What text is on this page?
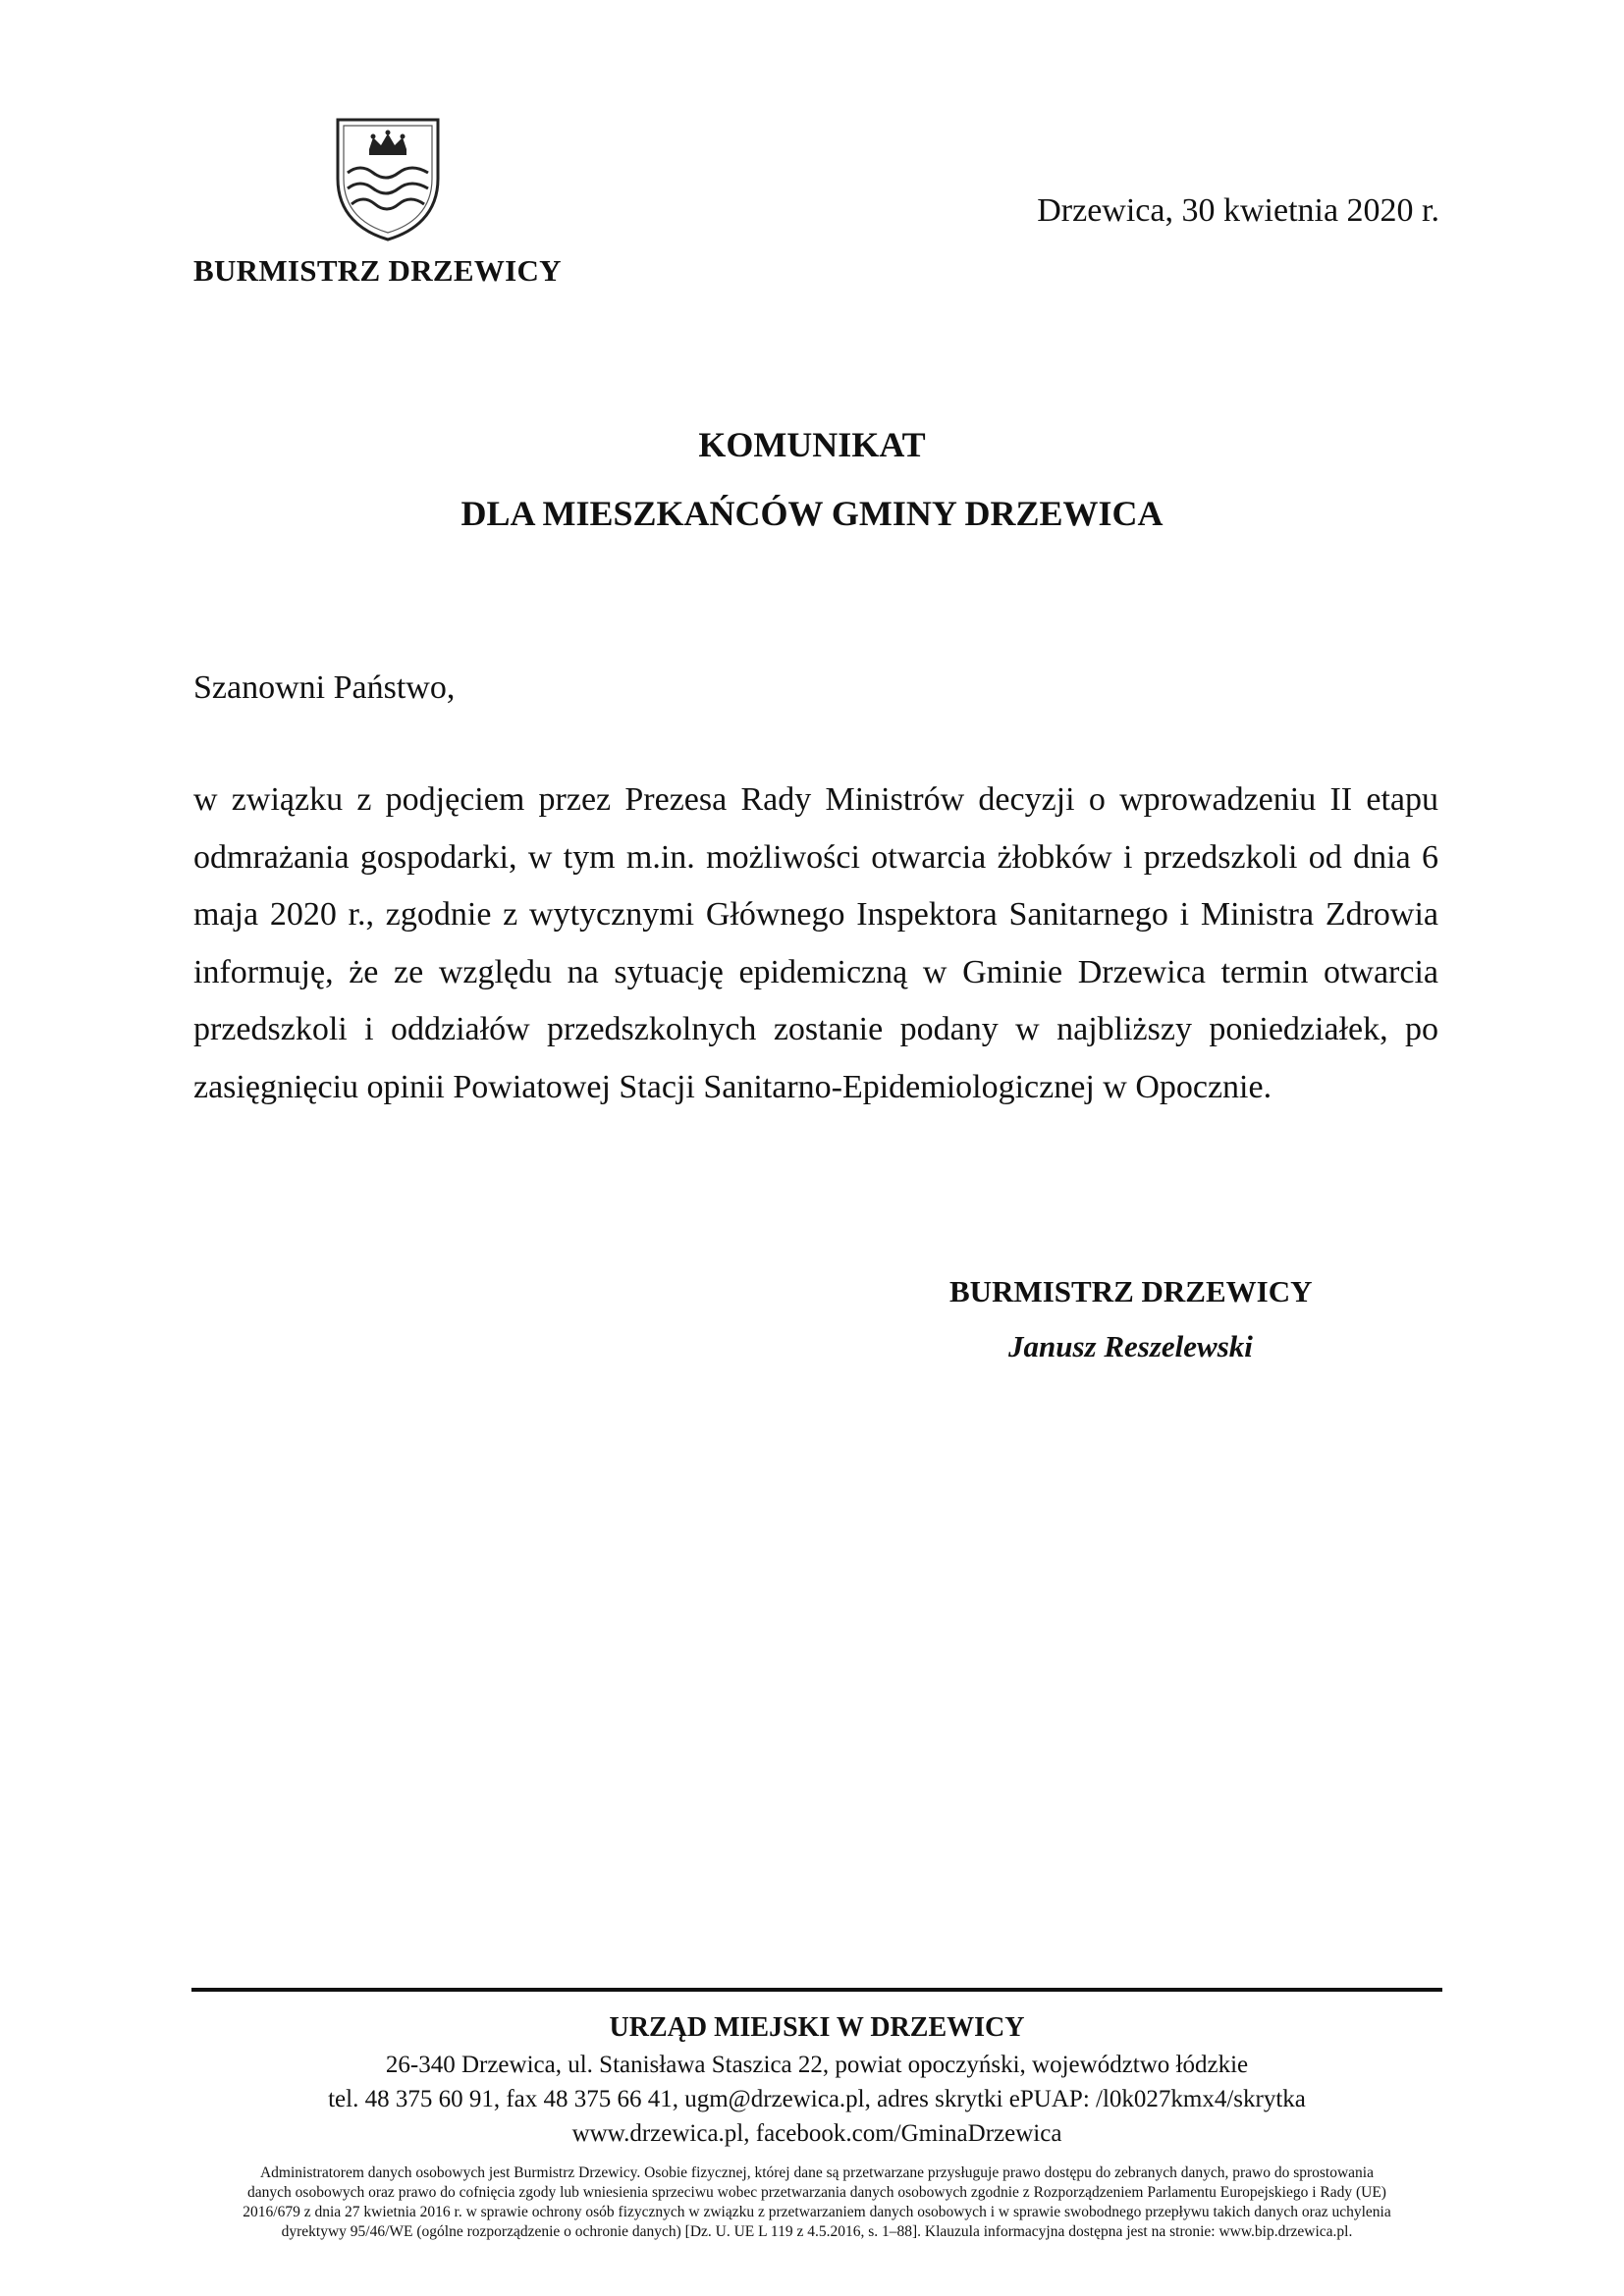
BURMISTRZ DRZEWICY
Drzewica, 30 kwietnia 2020 r.
KOMUNIKAT
DLA MIESZKAŃCÓW GMINY DRZEWICA
Szanowni Państwo,
w związku z podjęciem przez Prezesa Rady Ministrów decyzji o wprowadzeniu II etapu odmrażania gospodarki, w tym m.in. możliwości otwarcia żłobków i przedszkoli od dnia 6 maja 2020 r., zgodnie z wytycznymi Głównego Inspektora Sanitarnego i Ministra Zdrowia informuję, że ze względu na sytuację epidemiczną w Gminie Drzewica termin otwarcia przedszkoli i oddziałów przedszkolnych zostanie podany w najbliższy poniedziałek, po zasięgnięciu opinii Powiatowej Stacji Sanitarno-Epidemiologicznej w Opocznie.
BURMISTRZ DRZEWICY
Janusz Reszelewski
URZĄD MIEJSKI W DRZEWICY
26-340 Drzewica, ul. Stanisława Staszica 22, powiat opoczyński, województwo łódzkie
tel. 48 375 60 91, fax 48 375 66 41, ugm@drzewica.pl, adres skrytki ePUAP: /l0k027kmx4/skrytka
www.drzewica.pl, facebook.com/GminaDrzewica
Administratorem danych osobowych jest Burmistrz Drzewicy. Osobie fizycznej, której dane są przetwarzane przysługuje prawo dostępu do zebranych danych, prawo do sprostowania
danych osobowych oraz prawo do cofnięcia zgody lub wniesienia sprzeciwu wobec przetwarzania danych osobowych zgodnie z Rozporządzeniem Parlamentu Europejskiego i Rady (UE)
2016/679 z dnia 27 kwietnia 2016 r. w sprawie ochrony osób fizycznych w związku z przetwarzaniem danych osobowych i w sprawie swobodnego przepływu takich danych oraz uchylenia
dyrektywy 95/46/WE (ogólne rozporządzenie o ochronie danych) [Dz. U. UE L 119 z 4.5.2016, s. 1–88]. Klauzula informacyjna dostępna jest na stronie: www.bip.drzewica.pl.
